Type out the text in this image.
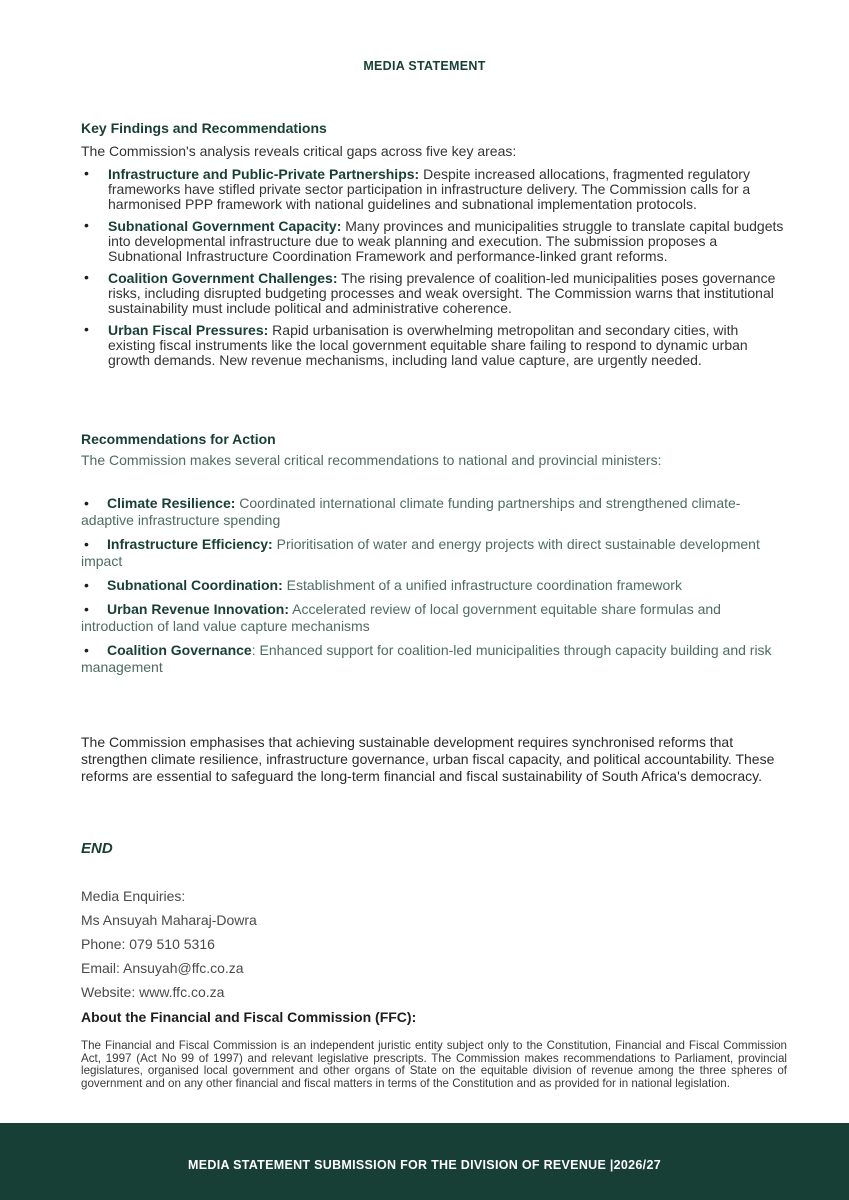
MEDIA STATEMENT
Key Findings and Recommendations

The Commission's analysis reveals critical gaps across five key areas:

• Infrastructure and Public-Private Partnerships: Despite increased allocations, fragmented regulatory frameworks have stifled private sector participation in infrastructure delivery. The Commission calls for a harmonised PPP framework with national guidelines and subnational implementation protocols.
• Subnational Government Capacity: Many provinces and municipalities struggle to translate capital budgets into developmental infrastructure due to weak planning and execution. The submission proposes a Subnational Infrastructure Coordination Framework and performance-linked grant reforms.
• Coalition Government Challenges: The rising prevalence of coalition-led municipalities poses governance risks, including disrupted budgeting processes and weak oversight. The Commission warns that institutional sustainability must include political and administrative coherence.
• Urban Fiscal Pressures: Rapid urbanisation is overwhelming metropolitan and secondary cities, with existing fiscal instruments like the local government equitable share failing to respond to dynamic urban growth demands. New revenue mechanisms, including land value capture, are urgently needed.
Recommendations for Action

The Commission makes several critical recommendations to national and provincial ministers:

• Climate Resilience: Coordinated international climate funding partnerships and strengthened climate-adaptive infrastructure spending

• Infrastructure Efficiency: Prioritisation of water and energy projects with direct sustainable development impact

• Subnational Coordination: Establishment of a unified infrastructure coordination framework

• Urban Revenue Innovation: Accelerated review of local government equitable share formulas and introduction of land value capture mechanisms

• Coalition Governance: Enhanced support for coalition-led municipalities through capacity building and risk management

The Commission emphasises that achieving sustainable development requires synchronised reforms that strengthen climate resilience, infrastructure governance, urban fiscal capacity, and political accountability. These reforms are essential to safeguard the long-term financial and fiscal sustainability of South Africa's democracy.

END

Media Enquiries:

Ms Ansuyah Maharaj-Dowra

Phone: 079 510 5316

Email: Ansuyah@ffc.co.za

Website: www.ffc.co.za

About the Financial and Fiscal Commission (FFC):

The Financial and Fiscal Commission is an independent juristic entity subject only to the Constitution, Financial and Fiscal Commission Act, 1997 (Act No 99 of 1997) and relevant legislative prescripts. The Commission makes recommendations to Parliament, provincial legislatures, organised local government and other organs of State on the equitable division of revenue among the three spheres of government and on any other financial and fiscal matters in terms of the Constitution and as provided for in national legislation.

MEDIA STATEMENT SUBMISSION FOR THE DIVISION OF REVENUE |2026/27
